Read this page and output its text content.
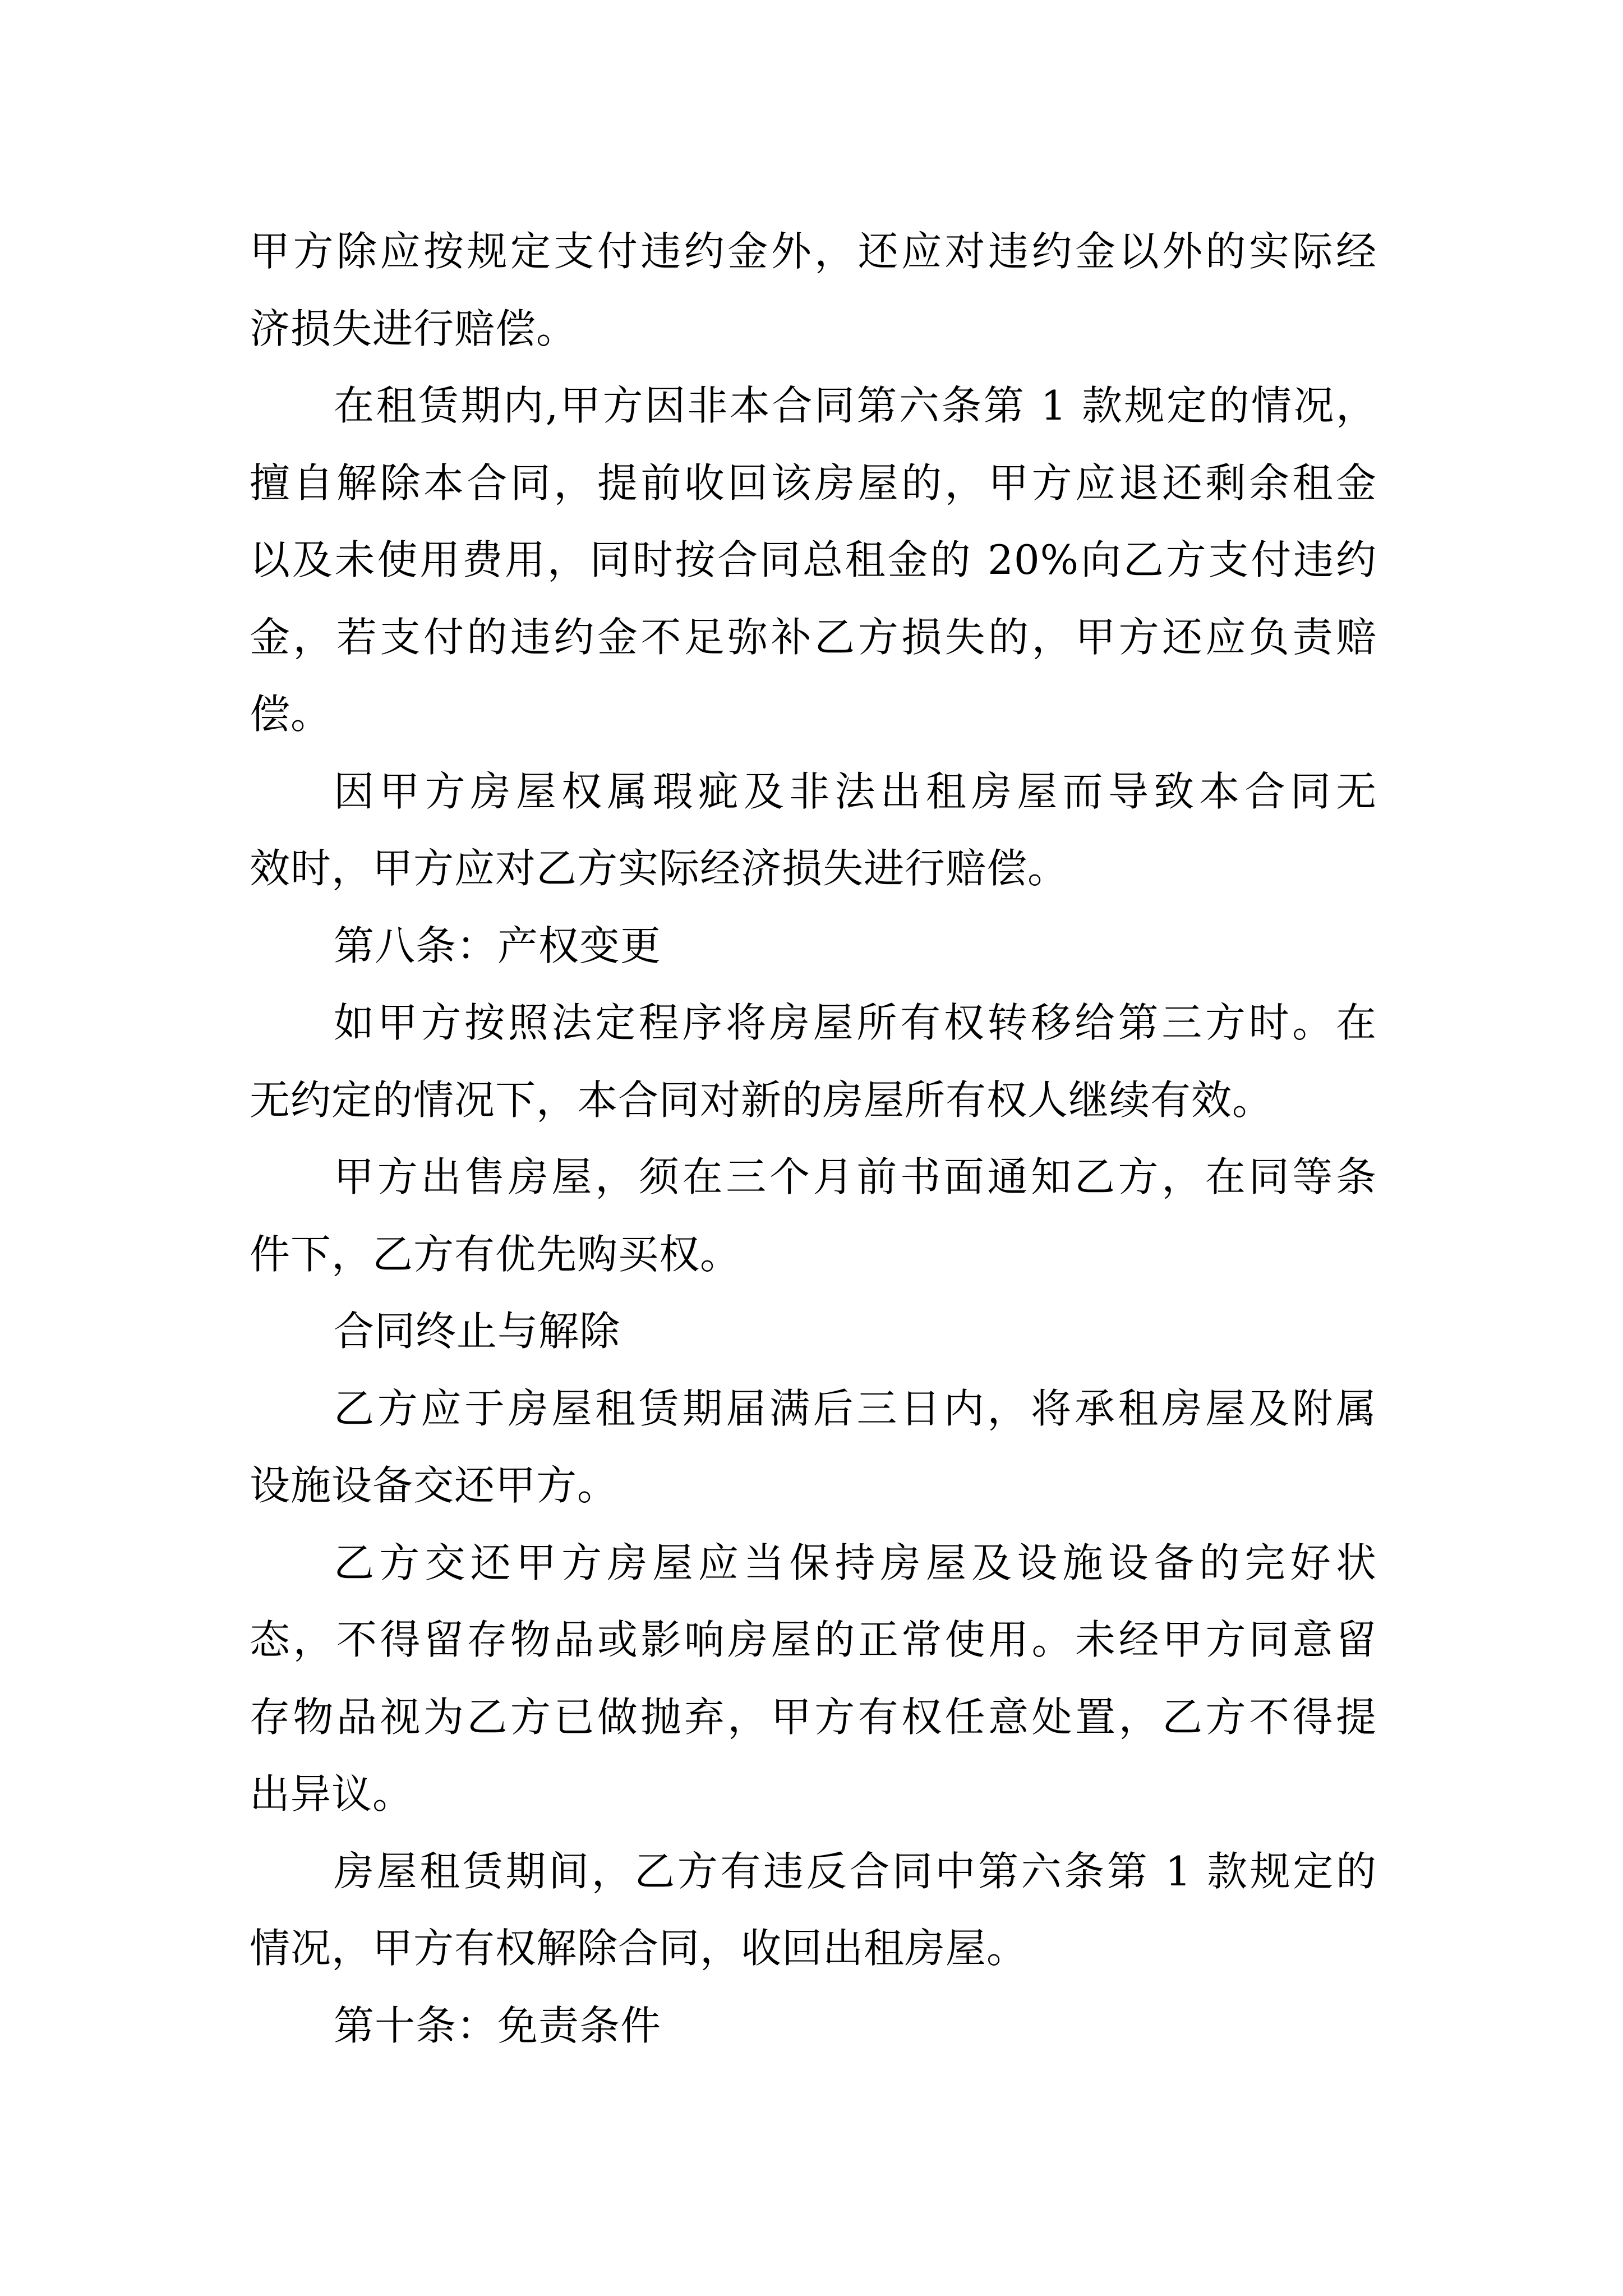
甲方除应按规定支付违约金外，还应对违约金以外的实际经
济损失进行赔偿。
在租赁期内,甲方因非本合同第六条第 1 款规定的情况，
擅自解除本合同，提前收回该房屋的，甲方应退还剩余租金
以及未使用费用，同时按合同总租金的 20%向乙方支付违约
金，若支付的违约金不足弥补乙方损失的，甲方还应负责赔
偿。
因甲方房屋权属瑕疵及非法出租房屋而导致本合同无
效时，甲方应对乙方实际经济损失进行赔偿。
第八条：产权变更
如甲方按照法定程序将房屋所有权转移给第三方时。在
无约定的情况下，本合同对新的房屋所有权人继续有效。
甲方出售房屋，须在三个月前书面通知乙方，在同等条
件下，乙方有优先购买权。
合同终止与解除
乙方应于房屋租赁期届满后三日内，将承租房屋及附属
设施设备交还甲方。
乙方交还甲方房屋应当保持房屋及设施设备的完好状
态，不得留存物品或影响房屋的正常使用。未经甲方同意留
存物品视为乙方已做抛弃，甲方有权任意处置，乙方不得提
出异议。
房屋租赁期间，乙方有违反合同中第六条第 1 款规定的
情况，甲方有权解除合同，收回出租房屋。
第十条：免责条件
